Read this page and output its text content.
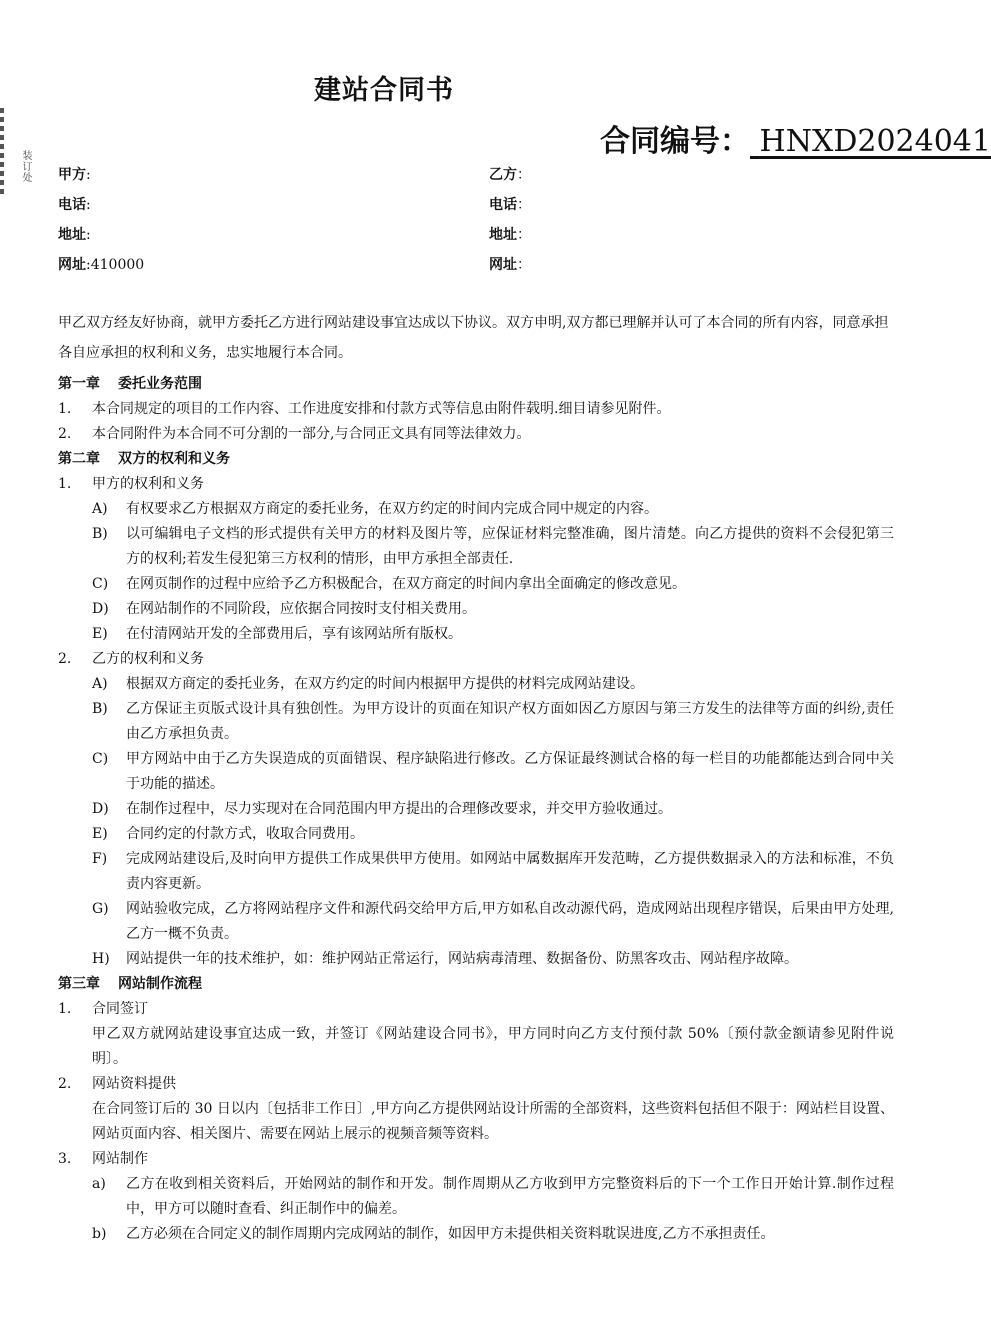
装订处
建站合同书
合同编号： HNXD2024041
甲方:	乙方：
电话:	电话：
地址:	地址：
网址:410000	网址：

甲乙双方经友好协商，就甲方委托乙方进行网站建设事宜达成以下协议。双方申明,双方都已理解并认可了本合同的所有内容，同意承担各自应承担的权利和义务，忠实地履行本合同。

第一章 委托业务范围
1.	本合同规定的项目的工作内容、工作进度安排和付款方式等信息由附件载明.细目请参见附件。
2.	本合同附件为本合同不可分割的一部分,与合同正文具有同等法律效力。
第二章 双方的权利和义务
1.	甲方的权利和义务
A)	有权要求乙方根据双方商定的委托业务，在双方约定的时间内完成合同中规定的内容。
B)	以可编辑电子文档的形式提供有关甲方的材料及图片等，应保证材料完整准确，图片清楚。向乙方提供的资料不会侵犯第三方的权利;若发生侵犯第三方权利的情形，由甲方承担全部责任.
C)	在网页制作的过程中应给予乙方积极配合，在双方商定的时间内拿出全面确定的修改意见。
D)	在网站制作的不同阶段，应依据合同按时支付相关费用。
E)	在付清网站开发的全部费用后，享有该网站所有版权。
2.	乙方的权利和义务
A)	根据双方商定的委托业务，在双方约定的时间内根据甲方提供的材料完成网站建设。
B)	乙方保证主页版式设计具有独创性。为甲方设计的页面在知识产权方面如因乙方原因与第三方发生的法律等方面的纠纷,责任由乙方承担负责。
C)	甲方网站中由于乙方失误造成的页面错误、程序缺陷进行修改。乙方保证最终测试合格的每一栏目的功能都能达到合同中关于功能的描述。
D)	在制作过程中，尽力实现对在合同范围内甲方提出的合理修改要求，并交甲方验收通过。
E)	合同约定的付款方式，收取合同费用。
F)	完成网站建设后,及时向甲方提供工作成果供甲方使用。如网站中属数据库开发范畴，乙方提供数据录入的方法和标准，不负责内容更新。
G)	网站验收完成，乙方将网站程序文件和源代码交给甲方后,甲方如私自改动源代码，造成网站出现程序错误，后果由甲方处理,乙方一概不负责。
H)	网站提供一年的技术维护，如：维护网站正常运行，网站病毒清理、数据备份、防黑客攻击、网站程序故障。
第三章 网站制作流程
1.	合同签订
甲乙双方就网站建设事宜达成一致，并签订《网站建设合同书》，甲方同时向乙方支付预付款 50%〔预付款金额请参见附件说明〕。
2.	网站资料提供
在合同签订后的 30 日以内〔包括非工作日〕,甲方向乙方提供网站设计所需的全部资料，这些资料包括但不限于：网站栏目设置、网站页面内容、相关图片、需要在网站上展示的视频音频等资料。
3.	网站制作
a)	乙方在收到相关资料后，开始网站的制作和开发。制作周期从乙方收到甲方完整资料后的下一个工作日开始计算.制作过程中，甲方可以随时查看、纠正制作中的偏差。
b)	乙方必须在合同定义的制作周期内完成网站的制作，如因甲方未提供相关资料耽误进度,乙方不承担责任。
